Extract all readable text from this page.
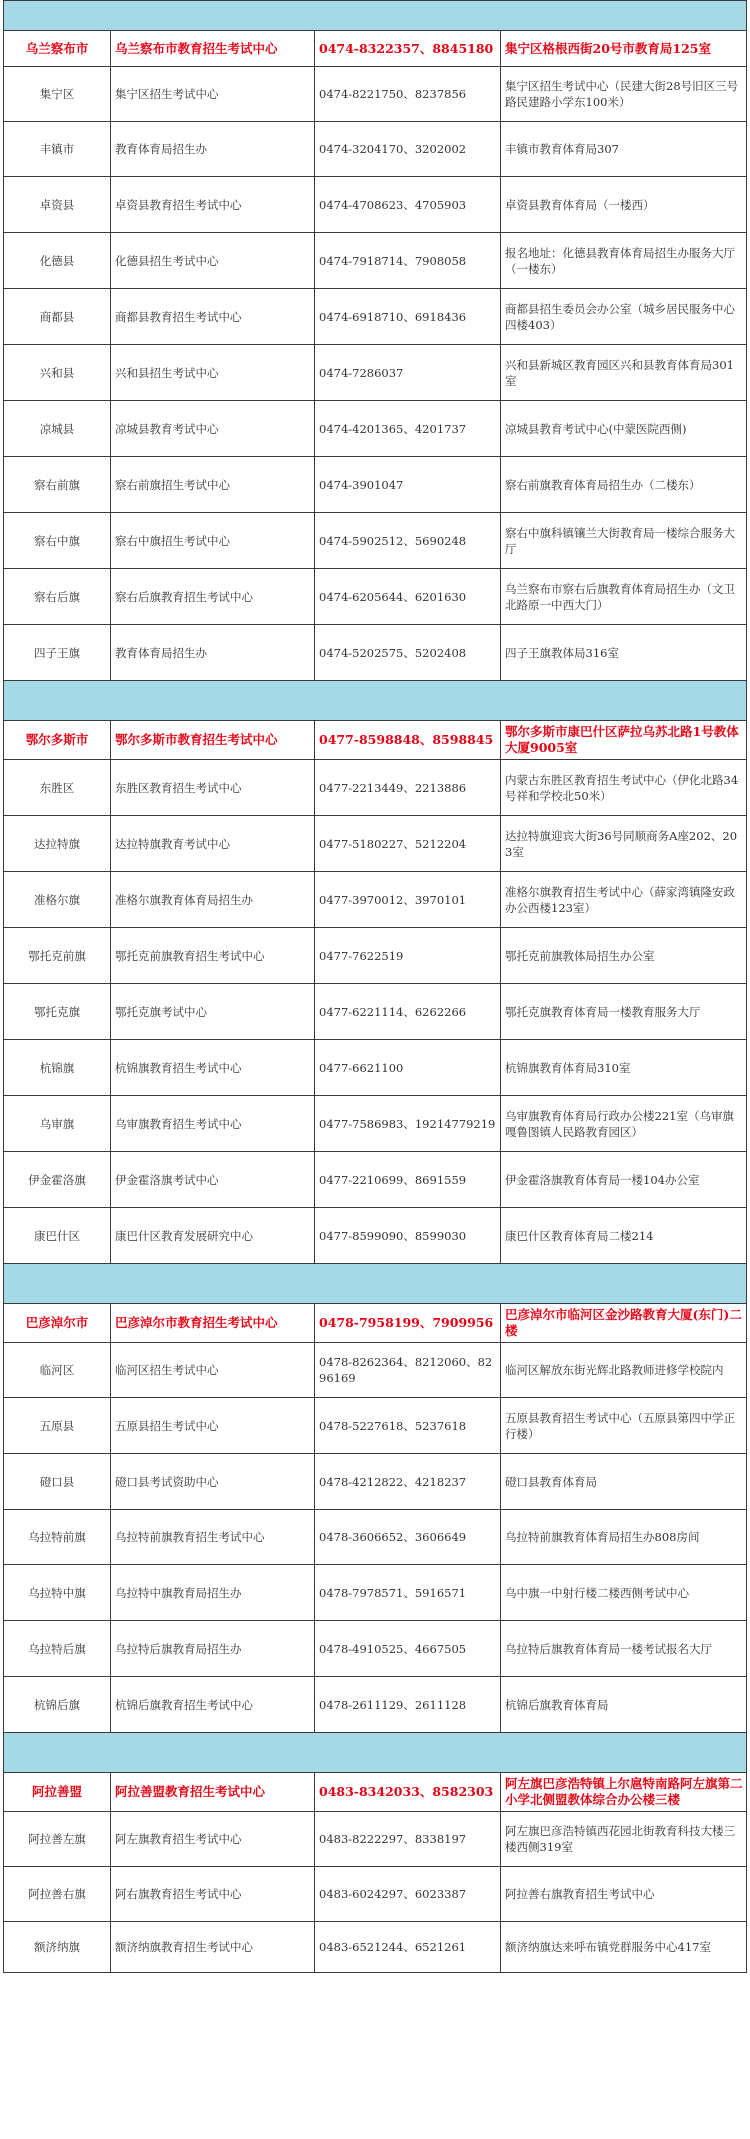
乌兰察布市	乌兰察布市教育招生考试中心	0474-8322357、8845180	集宁区格根西街20号市教育局125室
集宁区	集宁区招生考试中心	0474-8221750、8237856	集宁区招生考试中心（民建大街28号旧区三号路民建路小学东100米）
丰镇市	教育体育局招生办	0474-3204170、3202002	丰镇市教育体育局307
卓资县	卓资县教育招生考试中心	0474-4708623、4705903	卓资县教育体育局（一楼西）
化德县	化德县招生考试中心	0474-7918714、7908058	报名地址：化德县教育体育局招生办服务大厅（一楼东）
商都县	商都县教育招生考试中心	0474-6918710、6918436	商都县招生委员会办公室（城乡居民服务中心四楼403）
兴和县	兴和县招生考试中心	0474-7286037	兴和县新城区教育园区兴和县教育体育局301室
凉城县	凉城县教育考试中心	0474-4201365、4201737	凉城县教育考试中心(中蒙医院西侧)
察右前旗	察右前旗招生考试中心	0474-3901047	察右前旗教育体育局招生办（二楼东）
察右中旗	察右中旗招生考试中心	0474-5902512、5690248	察右中旗科镇镶兰大街教育局一楼综合服务大厅
察右后旗	察右后旗教育招生考试中心	0474-6205644、6201630	乌兰察布市察右后旗教育体育局招生办（文卫北路原一中西大门）
四子王旗	教育体育局招生办	0474-5202575、5202408	四子王旗教体局316室

鄂尔多斯市	鄂尔多斯市教育招生考试中心	0477-8598848、8598845	鄂尔多斯市康巴什区萨拉乌苏北路1号教体大厦9005室
东胜区	东胜区教育招生考试中心	0477-2213449、2213886	内蒙古东胜区教育招生考试中心（伊化北路34号祥和学校北50米）
达拉特旗	达拉特旗教育考试中心	0477-5180227、5212204	达拉特旗迎宾大街36号同顺商务A座202、203室
准格尔旗	准格尔旗教育体育局招生办	0477-3970012、3970101	准格尔旗教育招生考试中心（薛家湾镇隆安政办公西楼123室）
鄂托克前旗	鄂托克前旗教育招生考试中心	0477-7622519	鄂托克前旗教体局招生办公室
鄂托克旗	鄂托克旗考试中心	0477-6221114、6262266	鄂托克旗教育体育局一楼教育服务大厅
杭锦旗	杭锦旗教育招生考试中心	0477-6621100	杭锦旗教育体育局310室
乌审旗	乌审旗教育招生考试中心	0477-7586983、19214779219	乌审旗教育体育局行政办公楼221室（乌审旗嘎鲁图镇人民路教育园区）
伊金霍洛旗	伊金霍洛旗考试中心	0477-2210699、8691559	伊金霍洛旗教育体育局一楼104办公室
康巴什区	康巴什区教育发展研究中心	0477-8599090、8599030	康巴什区教育体育局二楼214

巴彦淖尔市	巴彦淖尔市教育招生考试中心	0478-7958199、7909956	巴彦淖尔市临河区金沙路教育大厦(东门)二楼
临河区	临河区招生考试中心	0478-8262364、8212060、8296169	临河区解放东街光辉北路教师进修学校院内
五原县	五原县招生考试中心	0478-5227618、5237618	五原县教育招生考试中心（五原县第四中学正行楼）
磴口县	磴口县考试资助中心	0478-4212822、4218237	磴口县教育体育局
乌拉特前旗	乌拉特前旗教育招生考试中心	0478-3606652、3606649	乌拉特前旗教育体育局招生办808房间
乌拉特中旗	乌拉特中旗教育局招生办	0478-7978571、5916571	乌中旗一中射行楼二楼西侧考试中心
乌拉特后旗	乌拉特后旗教育局招生办	0478-4910525、4667505	乌拉特后旗教育体育局一楼考试报名大厅
杭锦后旗	杭锦后旗教育招生考试中心	0478-2611129、2611128	杭锦后旗教育体育局

阿拉善盟	阿拉善盟教育招生考试中心	0483-8342033、8582303	阿左旗巴彦浩特镇上尔扈特南路阿左旗第二小学北侧盟教体综合办公楼三楼
阿拉善左旗	阿左旗教育招生考试中心	0483-8222297、8338197	阿左旗巴彦浩特镇西花园北街教育科技大楼三楼西侧319室
阿拉善右旗	阿右旗教育招生考试中心	0483-6024297、6023387	阿拉善右旗教育招生考试中心
额济纳旗	额济纳旗教育招生考试中心	0483-6521244、6521261	额济纳旗达来呼布镇党群服务中心417室
